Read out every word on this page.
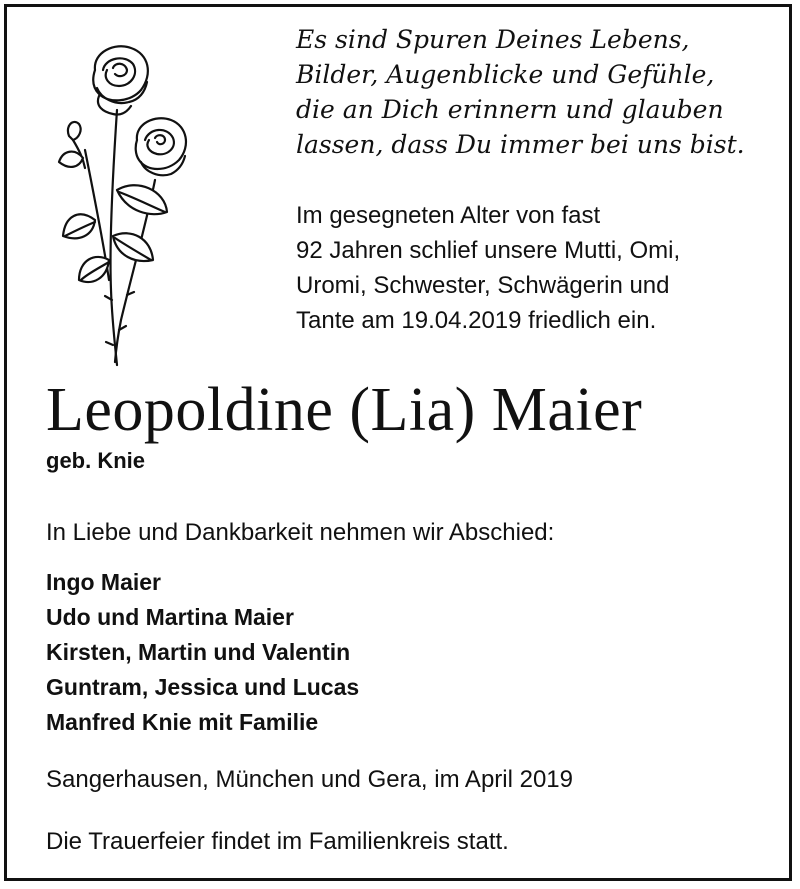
Es sind Spuren Deines Lebens,
Bilder, Augenblicke und Gefühle,
die an Dich erinnern und glauben
lassen, dass Du immer bei uns bist.
Im gesegneten Alter von fast
92 Jahren schlief unsere Mutti, Omi,
Uromi, Schwester, Schwägerin und
Tante am 19.04.2019 friedlich ein.
Leopoldine (Lia) Maier
geb. Knie
In Liebe und Dankbarkeit nehmen wir Abschied:
Ingo Maier
Udo und Martina Maier
Kirsten, Martin und Valentin
Guntram, Jessica und Lucas
Manfred Knie mit Familie
Sangerhausen, München und Gera, im April 2019
Die Trauerfeier findet im Familienkreis statt.
